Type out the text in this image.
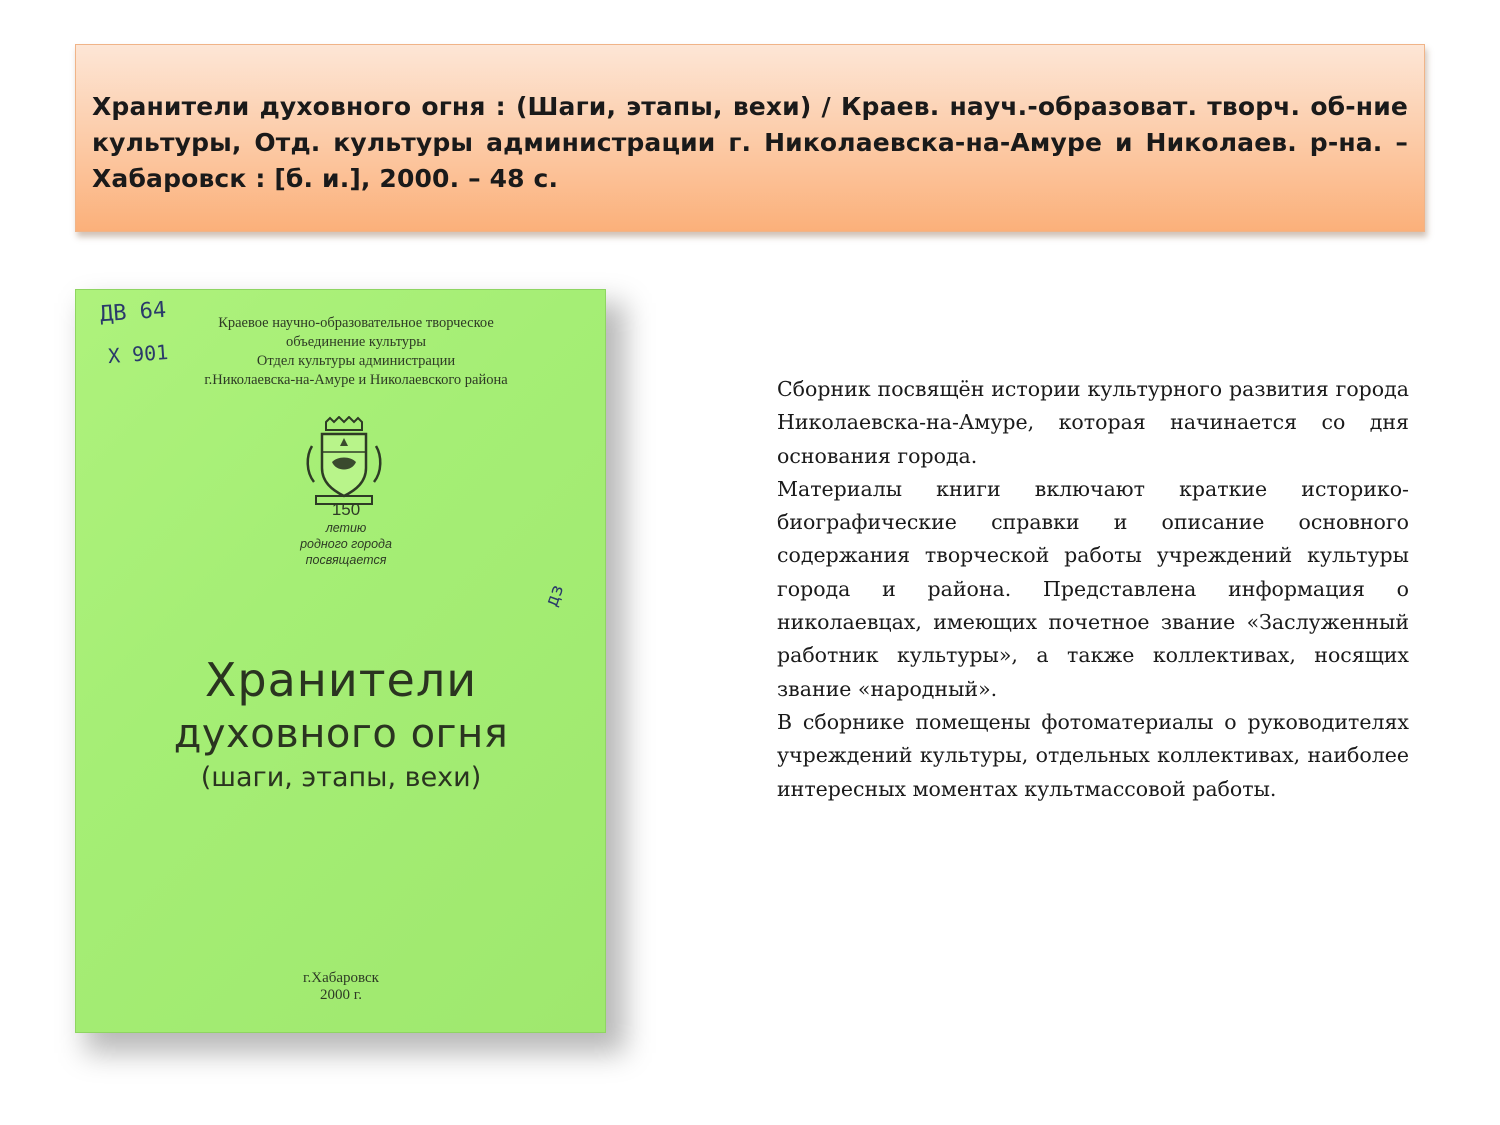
Хранители духовного огня : (Шаги, этапы, вехи) / Краев. науч.-образоват. творч. об-ние культуры, Отд. культуры администрации г. Николаевска-на-Амуре и Николаев. р-на. – Хабаровск : [б. и.], 2000. – 48 с.

ДВ 64
Х 901
дз
Краевое научно-образовательное творческое
объединение культуры
Отдел культуры администрации
г.Николаевска-на-Амуре и Николаевского района
150
летию
родного города
посвящается
Хранители
духовного огня
(шаги, этапы, вехи)
г.Хабаровск
2000 г.

Сборник посвящён истории культурного развития города Николаевска-на-Амуре, которая начинается со дня основания города.

Материалы книги включают краткие историко-биографические справки и описание основного содержания творческой работы учреждений культуры города и района. Представлена информация о николаевцах, имеющих почетное звание «Заслуженный работник культуры», а также коллективах, носящих звание «народный».

В сборнике помещены фотоматериалы о руководителях учреждений культуры, отдельных коллективах, наиболее интересных моментах культмассовой работы.
